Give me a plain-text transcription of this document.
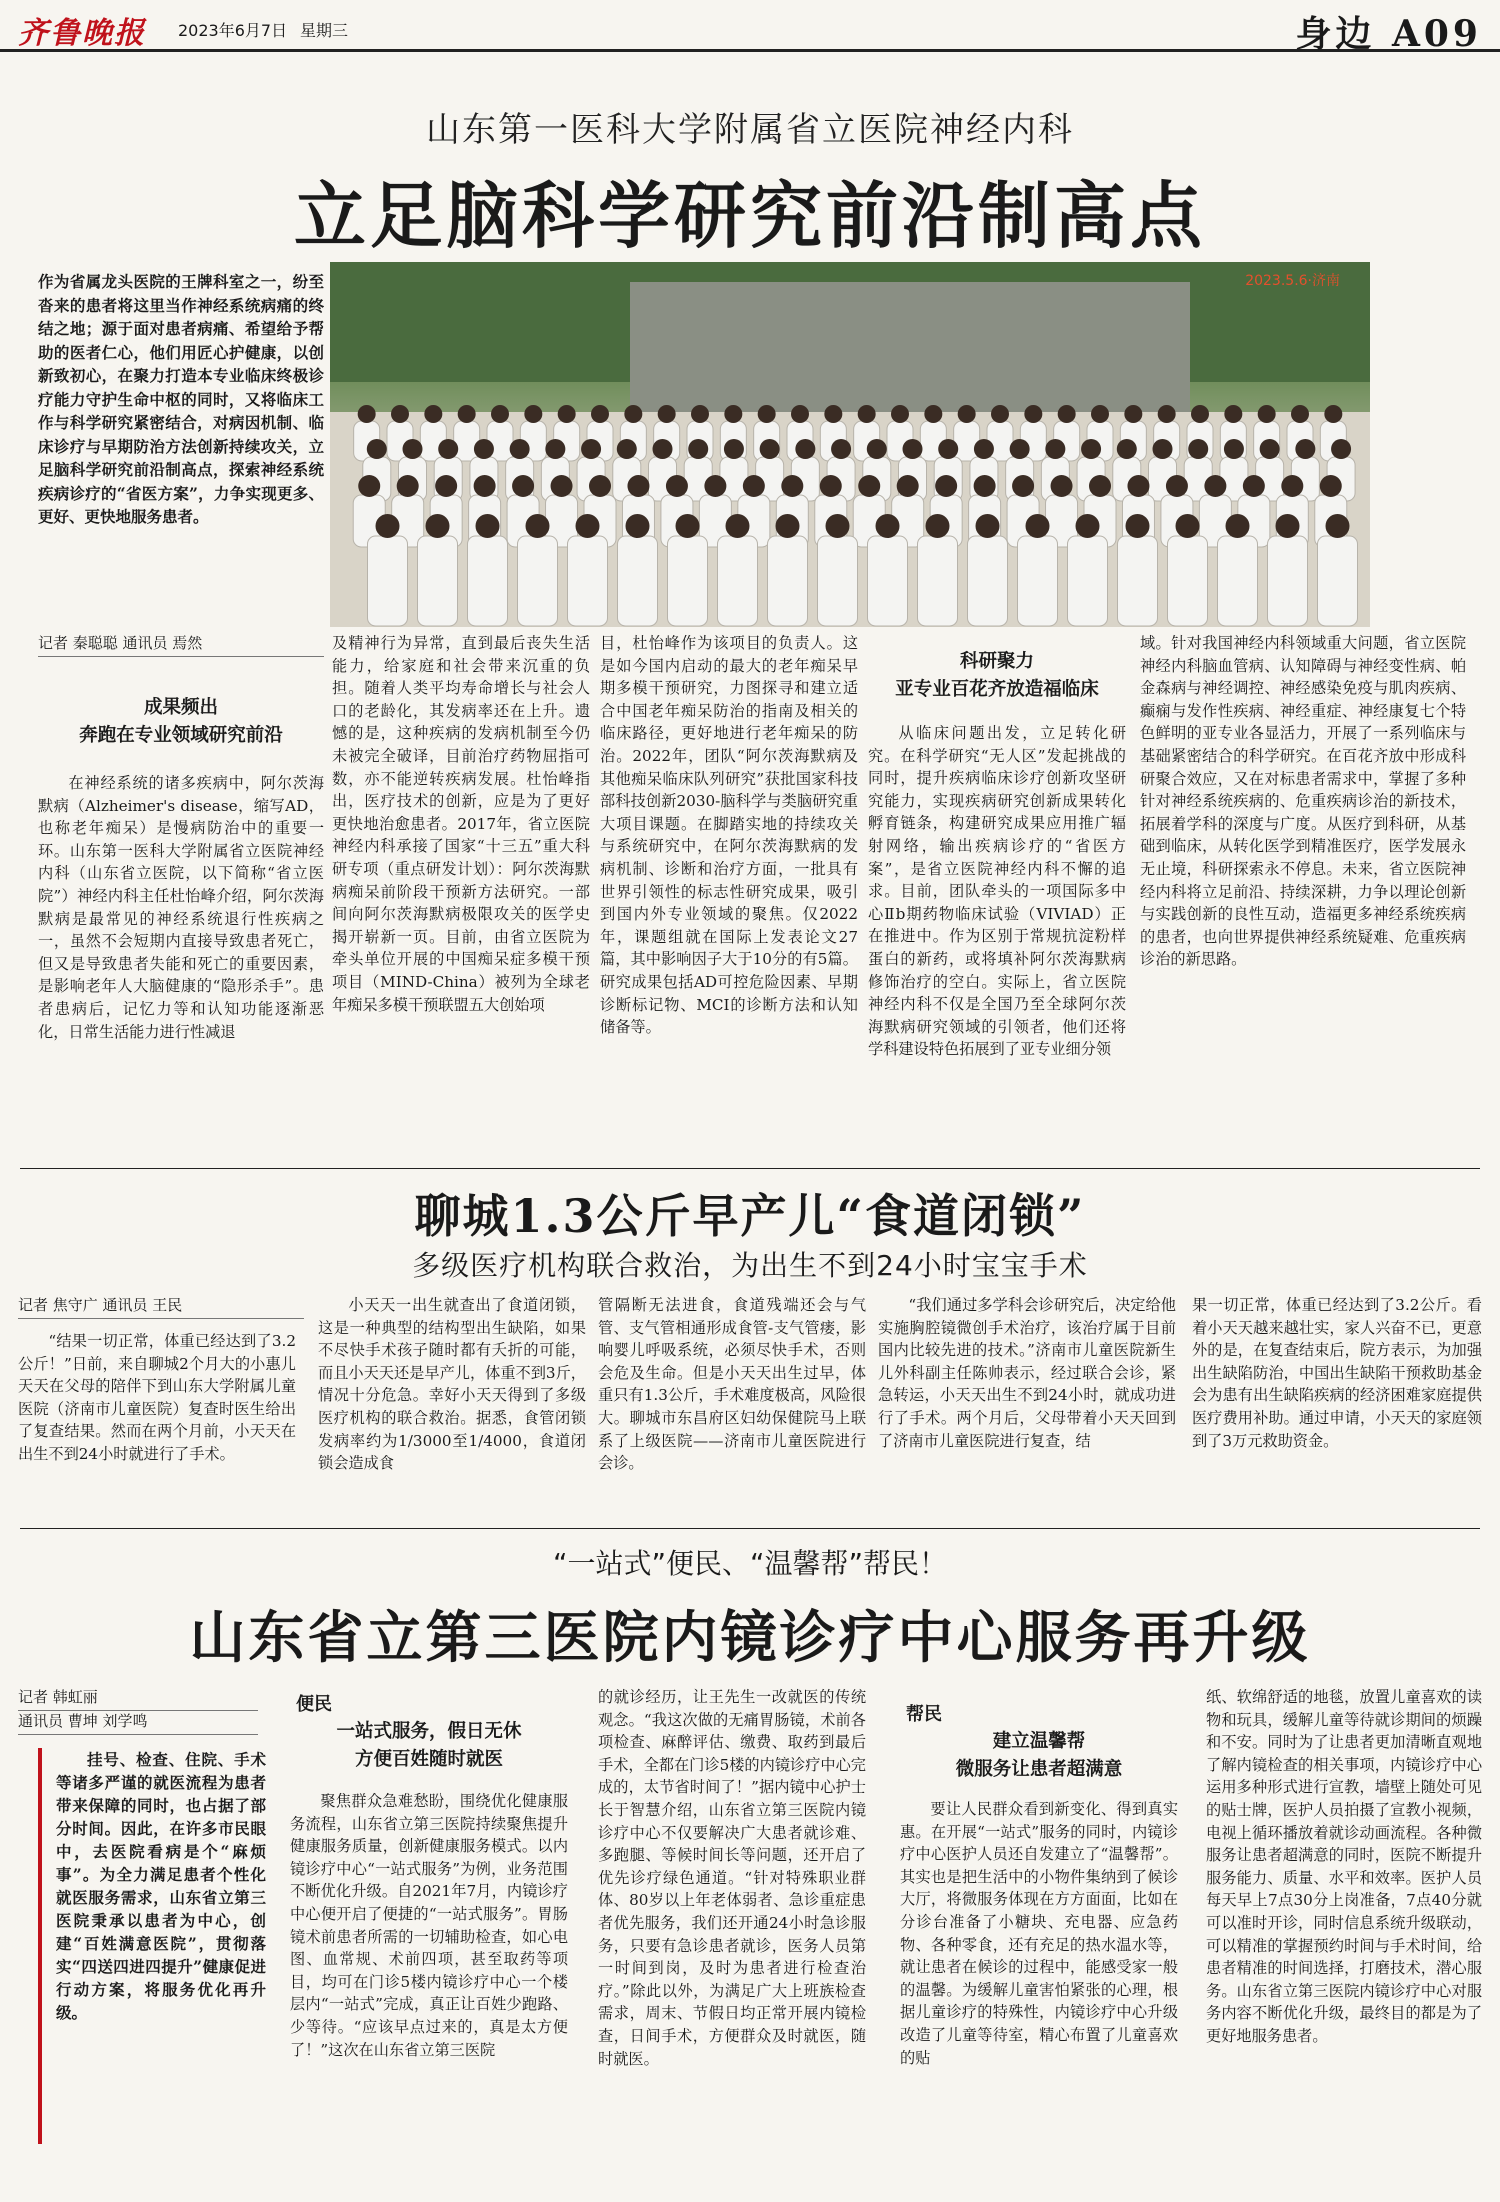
齐鲁晚报 2023年6月7日 星期三	身边 A09
山东第一医科大学附属省立医院神经内科
立足脑科学研究前沿制高点
作为省属龙头医院的王牌科室之一，纷至沓来的患者将这里当作神经系统病痛的终结之地；源于面对患者病痛、希望给予帮助的医者仁心，他们用匠心护健康，以创新致初心，在聚力打造本专业临床终极诊疗能力守护生命中枢的同时，又将临床工作与科学研究紧密结合，对病因机制、临床诊疗与早期防治方法创新持续攻关，立足脑科学研究前沿制高点，探索神经系统疾病诊疗的“省医方案”，力争实现更多、更好、更快地服务患者。
2023.5.6·济南
记者 秦聪聪 通讯员 焉然
成果频出
奔跑在专业领域研究前沿

在神经系统的诸多疾病中，阿尔茨海默病（Alzheimer's disease，缩写AD，也称老年痴呆）是慢病防治中的重要一环。山东第一医科大学附属省立医院神经内科（山东省立医院，以下简称“省立医院”）神经内科主任杜怡峰介绍，阿尔茨海默病是最常见的神经系统退行性疾病之一，虽然不会短期内直接导致患者死亡，但又是导致患者失能和死亡的重要因素，是影响老年人大脑健康的“隐形杀手”。患者患病后，记忆力等和认知功能逐渐恶化，日常生活能力进行性减退

及精神行为异常，直到最后丧失生活能力，给家庭和社会带来沉重的负担。随着人类平均寿命增长与社会人口的老龄化，其发病率还在上升。遗憾的是，这种疾病的发病机制至今仍未被完全破译，目前治疗药物屈指可数，亦不能逆转疾病发展。杜怡峰指出，医疗技术的创新，应是为了更好更快地治愈患者。2017年，省立医院神经内科承接了国家“十三五”重大科研专项（重点研发计划）：阿尔茨海默病痴呆前阶段干预新方法研究。一部间向阿尔茨海默病极限攻关的医学史揭开崭新一页。目前，由省立医院为牵头单位开展的中国痴呆症多模干预项目（MIND-China）被列为全球老年痴呆多模干预联盟五大创始项

目，杜怡峰作为该项目的负责人。这是如今国内启动的最大的老年痴呆早期多模干预研究，力图探寻和建立适合中国老年痴呆防治的指南及相关的临床路径，更好地进行老年痴呆的防治。2022年，团队“阿尔茨海默病及其他痴呆临床队列研究”获批国家科技部科技创新2030-脑科学与类脑研究重大项目课题。在脚踏实地的持续攻关与系统研究中，在阿尔茨海默病的发病机制、诊断和治疗方面，一批具有世界引领性的标志性研究成果，吸引到国内外专业领域的聚焦。仅2022年，课题组就在国际上发表论文27篇，其中影响因子大于10分的有5篇。研究成果包括AD可控危险因素、早期诊断标记物、MCI的诊断方法和认知储备等。

科研聚力
亚专业百花齐放造福临床

从临床问题出发，立足转化研究。在科学研究“无人区”发起挑战的同时，提升疾病临床诊疗创新攻坚研究能力，实现疾病研究创新成果转化孵育链条，构建研究成果应用推广辐射网络，输出疾病诊疗的“省医方案”，是省立医院神经内科不懈的追求。目前，团队牵头的一项国际多中心Ⅱb期药物临床试验（VIVIAD）正在推进中。作为区别于常规抗淀粉样蛋白的新药，或将填补阿尔茨海默病修饰治疗的空白。实际上，省立医院神经内科不仅是全国乃至全球阿尔茨海默病研究领域的引领者，他们还将学科建设特色拓展到了亚专业细分领

域。针对我国神经内科领域重大问题，省立医院神经内科脑血管病、认知障碍与神经变性病、帕金森病与神经调控、神经感染免疫与肌肉疾病、癫痫与发作性疾病、神经重症、神经康复七个特色鲜明的亚专业各显活力，开展了一系列临床与基础紧密结合的科学研究。在百花齐放中形成科研聚合效应，又在对标患者需求中，掌握了多种针对神经系统疾病的、危重疾病诊治的新技术，拓展着学科的深度与广度。从医疗到科研，从基础到临床，从转化医学到精准医疗，医学发展永无止境，科研探索永不停息。未来，省立医院神经内科将立足前沿、持续深耕，力争以理论创新与实践创新的良性互动，造福更多神经系统疾病的患者，也向世界提供神经系统疑难、危重疾病诊治的新思路。

聊城1.3公斤早产儿“食道闭锁”
多级医疗机构联合救治，为出生不到24小时宝宝手术
记者 焦守广 通讯员 王民

“结果一切正常，体重已经达到了3.2公斤！”日前，来自聊城2个月大的小惠儿天天在父母的陪伴下到山东大学附属儿童医院（济南市儿童医院）复查时医生给出了复查结果。然而在两个月前，小天天在出生不到24小时就进行了手术。

小天天一出生就查出了食道闭锁，这是一种典型的结构型出生缺陷，如果不尽快手术孩子随时都有夭折的可能，而且小天天还是早产儿，体重不到3斤，情况十分危急。幸好小天天得到了多级医疗机构的联合救治。据悉，食管闭锁发病率约为1/3000至1/4000，食道闭锁会造成食

管隔断无法进食，食道残端还会与气管、支气管相通形成食管-支气管瘘，影响婴儿呼吸系统，必须尽快手术，否则会危及生命。但是小天天出生过早，体重只有1.3公斤，手术难度极高，风险很大。聊城市东昌府区妇幼保健院马上联系了上级医院——济南市儿童医院进行会诊。

“我们通过多学科会诊研究后，决定给他实施胸腔镜微创手术治疗，该治疗属于目前国内比较先进的技术。”济南市儿童医院新生儿外科副主任陈帅表示，经过联合会诊，紧急转运，小天天出生不到24小时，就成功进行了手术。两个月后，父母带着小天天回到了济南市儿童医院进行复查，结

果一切正常，体重已经达到了3.2公斤。看着小天天越来越壮实，家人兴奋不已，更意外的是，在复查结束后，院方表示，为加强出生缺陷防治，中国出生缺陷干预救助基金会为患有出生缺陷疾病的经济困难家庭提供医疗费用补助。通过申请，小天天的家庭领到了3万元救助资金。

“一站式”便民、“温馨帮”帮民！
山东省立第三医院内镜诊疗中心服务再升级
记者 韩虹丽
通讯员 曹坤 刘学鸣

挂号、检查、住院、手术等诸多严谨的就医流程为患者带来保障的同时，也占据了部分时间。因此，在许多市民眼中，去医院看病是个“麻烦事”。为全力满足患者个性化就医服务需求，山东省立第三医院秉承以患者为中心，创建“百姓满意医院”，贯彻落实“四送四进四提升”健康促进行动方案，将服务优化再升级。

便民
一站式服务，假日无休
方便百姓随时就医

聚焦群众急难愁盼，围绕优化健康服务流程，山东省立第三医院持续聚焦提升健康服务质量，创新健康服务模式。以内镜诊疗中心“一站式服务”为例，业务范围不断优化升级。自2021年7月，内镜诊疗中心便开启了便捷的“一站式服务”。胃肠镜术前患者所需的一切辅助检查，如心电图、血常规、术前四项，甚至取药等项目，均可在门诊5楼内镜诊疗中心一个楼层内“一站式”完成，真正让百姓少跑路、少等待。“应该早点过来的，真是太方便了！”这次在山东省立第三医院

的就诊经历，让王先生一改就医的传统观念。“我这次做的无痛胃肠镜，术前各项检查、麻醉评估、缴费、取药到最后手术，全都在门诊5楼的内镜诊疗中心完成的，太节省时间了！”据内镜中心护士长于智慧介绍，山东省立第三医院内镜诊疗中心不仅要解决广大患者就诊难、多跑腿、等候时间长等问题，还开启了优先诊疗绿色通道。“针对特殊职业群体、80岁以上年老体弱者、急诊重症患者优先服务，我们还开通24小时急诊服务，只要有急诊患者就诊，医务人员第一时间到岗，及时为患者进行检查治疗。”除此以外，为满足广大上班族检查需求，周末、节假日均正常开展内镜检查，日间手术，方便群众及时就医，随时就医。

帮民
建立温馨帮
微服务让患者超满意

要让人民群众看到新变化、得到真实惠。在开展“一站式”服务的同时，内镜诊疗中心医护人员还自发建立了“温馨帮”。其实也是把生活中的小物件集纳到了候诊大厅，将微服务体现在方方面面，比如在分诊台准备了小糖块、充电器、应急药物、各种零食，还有充足的热水温水等，就让患者在候诊的过程中，能感受家一般的温馨。为缓解儿童害怕紧张的心理，根据儿童诊疗的特殊性，内镜诊疗中心升级改造了儿童等待室，精心布置了儿童喜欢的贴

纸、软绵舒适的地毯，放置儿童喜欢的读物和玩具，缓解儿童等待就诊期间的烦躁和不安。同时为了让患者更加清晰直观地了解内镜检查的相关事项，内镜诊疗中心运用多种形式进行宣教，墙壁上随处可见的贴士牌，医护人员拍摄了宣教小视频，电视上循环播放着就诊动画流程。各种微服务让患者超满意的同时，医院不断提升服务能力、质量、水平和效率。医护人员每天早上7点30分上岗准备，7点40分就可以准时开诊，同时信息系统升级联动，可以精准的掌握预约时间与手术时间，给患者精准的时间选择，打磨技术，潜心服务。山东省立第三医院内镜诊疗中心对服务内容不断优化升级，最终目的都是为了更好地服务患者。
